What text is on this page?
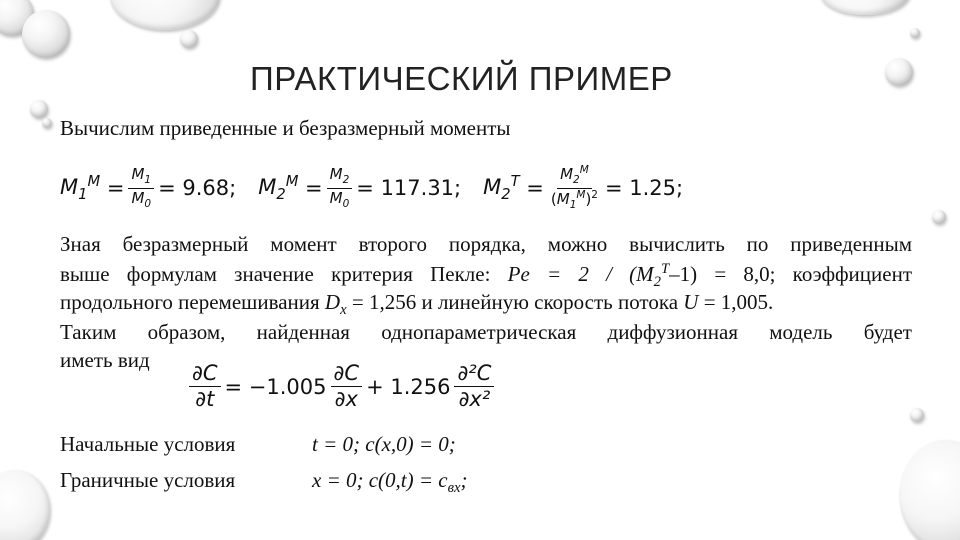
ПРАКТИЧЕСКИЙ ПРИМЕР
Вычислим приведенные и безразмерный моменты
$M_1^M = \frac{M_1}{M_0} = 9.68$; $M_2^M = \frac{M_2}{M_0} = 117.31$; $M_2^T = \frac{M_2^M}{(M_1^M)^2} = 1.25$;
Зная безразмерный момент второго порядка, можно вычислить по приведенным
выше формулам значение критерия Пекле: $Pe = 2 / (M_2^T-1) = 8,0$; коэффициент
продольного перемешивания $D_x = 1,256$ и линейную скорость потока U = 1,005.
Таким образом, найденная однопараметрическая диффузионная модель будет
иметь вид
$\frac{\partial C}{\partial t} = -1.005 \frac{\partial C}{\partial x} + 1.256 \frac{\text{∂²C}}{\text{∂x²}}$
Начальные условия	t = 0; c(x,0) = 0;
Граничные условия	x = 0; $c(0,t) = c_{вх}$;
